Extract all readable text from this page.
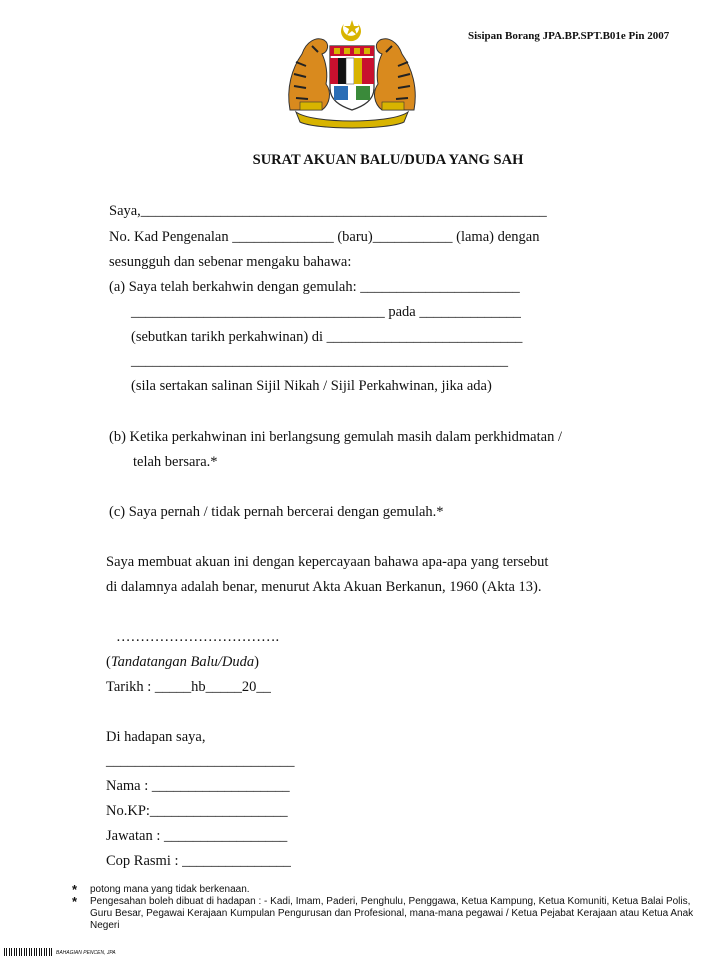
Sisipan Borang JPA.BP.SPT.B01e Pin 2007
SURAT AKUAN BALU/DUDA YANG SAH
Saya,________________________________________________________
No. Kad Pengenalan ______________ (baru)___________ (lama) dengan
sesungguh dan sebenar mengaku bahawa:
(a) Saya telah berkahwin dengan gemulah: ______________________
___________________________________ pada ______________
(sebutkan tarikh perkahwinan) di ___________________________
____________________________________________________
(sila sertakan salinan Sijil Nikah / Sijil Perkahwinan, jika ada)
(b) Ketika perkahwinan ini berlangsung gemulah masih dalam perkhidmatan /
telah bersara.*
(c) Saya pernah / tidak pernah bercerai dengan gemulah.*
Saya membuat akuan ini dengan kepercayaan bahawa apa-apa yang tersebut
di dalamnya adalah benar, menurut Akta Akuan Berkanun, 1960 (Akta 13).
…………………………….
(Tandatangan Balu/Duda)
Tarikh : _____hb_____20__
Di hadapan saya,
__________________________
Nama : ___________________
No.KP:___________________
Jawatan : _________________
Cop Rasmi : _______________
*	potong mana yang tidak berkenaan.
*	Pengesahan boleh dibuat di hadapan : - Kadi, Imam, Paderi, Penghulu, Penggawa, Ketua Kampung, Ketua Komuniti, Ketua Balai Polis, Guru Besar, Pegawai Kerajaan Kumpulan Pengurusan dan Profesional, mana-mana pegawai / Ketua Pejabat Kerajaan atau Ketua Anak Negeri
BAHAGIAN PENCEN, JPA
